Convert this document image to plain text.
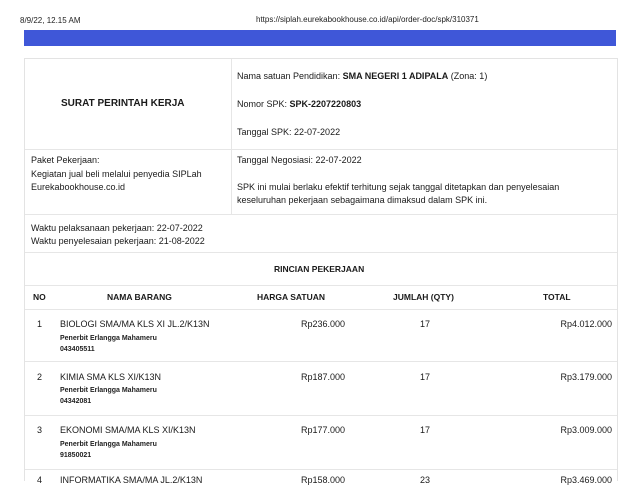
8/9/22, 12.15 AM	https://siplah.eurekabookhouse.co.id/api/order-doc/spk/310371
SURAT PERINTAH KERJA
Nama satuan Pendidikan: SMA NEGERI 1 ADIPALA (Zona: 1)
Nomor SPK: SPK-2207220803
Tanggal SPK: 22-07-2022
Paket Pekerjaan:
Kegiatan jual beli melalui penyedia SIPLah
Eurekabookhouse.co.id
Tanggal Negosiasi: 22-07-2022
SPK ini mulai berlaku efektif terhitung sejak tanggal ditetapkan dan penyelesaian
keseluruhan pekerjaan sebagaimana dimaksud dalam SPK ini.
Waktu pelaksanaan pekerjaan: 22-07-2022
Waktu penyelesaian pekerjaan: 21-08-2022
RINCIAN PEKERJAAN
NO	NAMA BARANG	HARGA SATUAN	JUMLAH (QTY)	TOTAL
1 BIOLOGI SMA/MA KLS XI JL.2/K13N
Penerbit Erlangga Mahameru
043405511
Rp236.000	17	Rp4.012.000
2 KIMIA SMA KLS XI/K13N
Penerbit Erlangga Mahameru
04342081
Rp187.000	17	Rp3.179.000
3 EKONOMI SMA/MA KLS XI/K13N
Penerbit Erlangga Mahameru
91850021
Rp177.000	17	Rp3.009.000
4 INFORMATIKA SMA/MA JL.2/K13N	Rp158.000	23	Rp3.469.000
